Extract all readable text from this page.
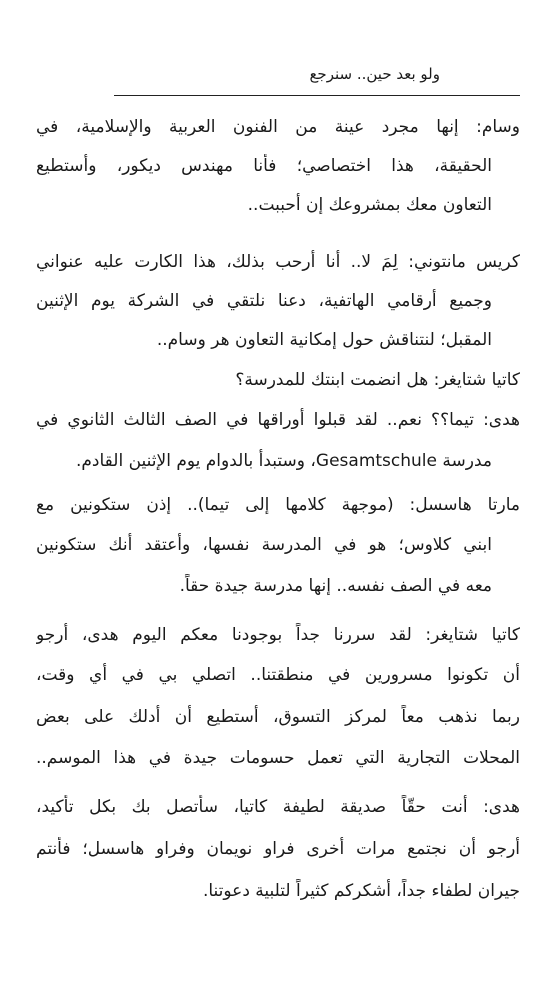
ولو بعد حين.. سنرجع
وسام: إنها مجرد عينة من الفنون العربية والإسلامية، في
الحقيقة، هذا اختصاصي؛ فأنا مهندس ديكور، وأستطيع
التعاون معك بمشروعك إن أحببت..
كريس مانتوني: لِمَ لا.. أنا أرحب بذلك، هذا الكارت عليه عنواني
وجميع أرقامي الهاتفية، دعنا نلتقي في الشركة يوم الإثنين
المقبل؛ لنتناقش حول إمكانية التعاون هر وسام..
كاتيا شتايغر: هل انضمت ابنتك للمدرسة؟
هدى: تيما؟؟ نعم.. لقد قبلوا أوراقها في الصف الثالث الثانوي في
مدرسة Gesamtschule، وستبدأ بالدوام يوم الإثنين القادم.
مارتا هاسسل: (موجهة كلامها إلى تيما).. إذن ستكونين مع
ابني كلاوس؛ هو في المدرسة نفسها، وأعتقد أنك ستكونين
معه في الصف نفسه.. إنها مدرسة جيدة حقاً.
كاتيا شتايغر: لقد سررنا جداً بوجودنا معكم اليوم هدى، أرجو
أن تكونوا مسرورين في منطقتنا.. اتصلي بي في أي وقت،
ربما نذهب معاً لمركز التسوق، أستطيع أن أدلك على بعض
المحلات التجارية التي تعمل حسومات جيدة في هذا الموسم..
هدى: أنت حقّاً صديقة لطيفة كاتيا، سأتصل بك بكل تأكيد،
أرجو أن نجتمع مرات أخرى فراو نويمان وفراو هاسسل؛ فأنتم
جيران لطفاء جداً، أشكركم كثيراً لتلبية دعوتنا.
